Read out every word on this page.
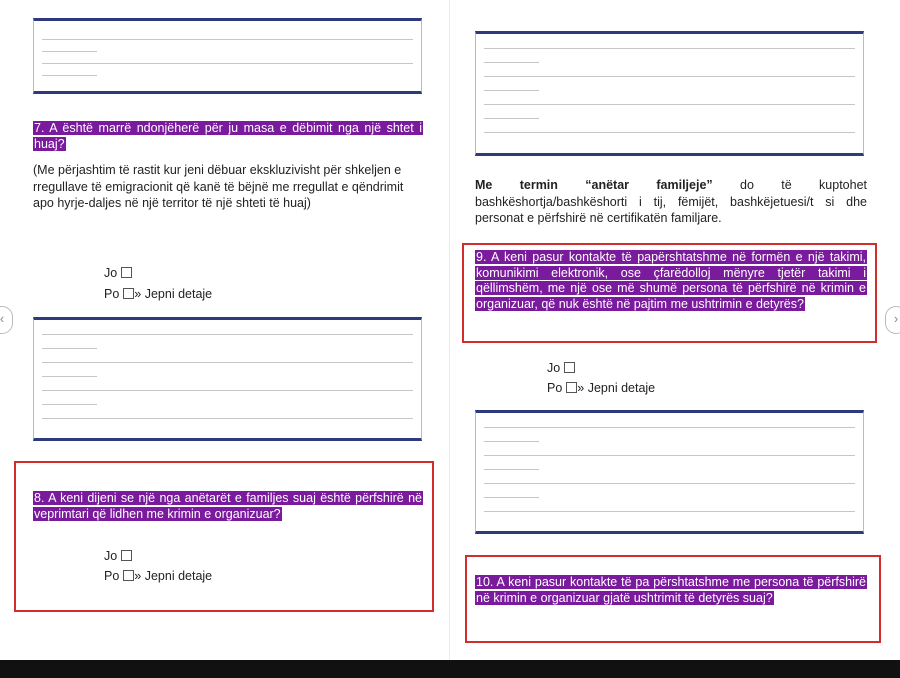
7. A është marrë ndonjëherë për ju masa e dëbimit nga një shtet i huaj?
(Me përjashtim të rastit kur jeni dëbuar ekskluzivisht për shkeljen e rregullave të emigracionit që kanë të bëjnë me rregullat e qëndrimit apo hyrje-daljes në një territor të një shteti të huaj)
Jo
Po » Jepni detaje
8. A keni dijeni se një nga anëtarët e familjes suaj është përfshirë në veprimtari që lidhen me krimin e organizuar?
Jo
Po » Jepni detaje
Me termin “anëtar familjeje” do të kuptohet bashkëshortja/bashkëshorti i tij, fëmijët, bashkëjetuesi/t si dhe personat e përfshirë në certifikatën familjare.
9. A keni pasur kontakte të papërshtatshme në formën e një takimi, komunikimi elektronik, ose çfarëdolloj mënyre tjetër takimi i qëllimshëm, me një ose më shumë persona të përfshirë në krimin e organizuar, që nuk është në pajtim me ushtrimin e detyrës?
Jo
Po » Jepni detaje
10. A keni pasur kontakte të pa përshtatshme me persona të përfshirë në krimin e organizuar gjatë ushtrimit të detyrës suaj?
‹	›
